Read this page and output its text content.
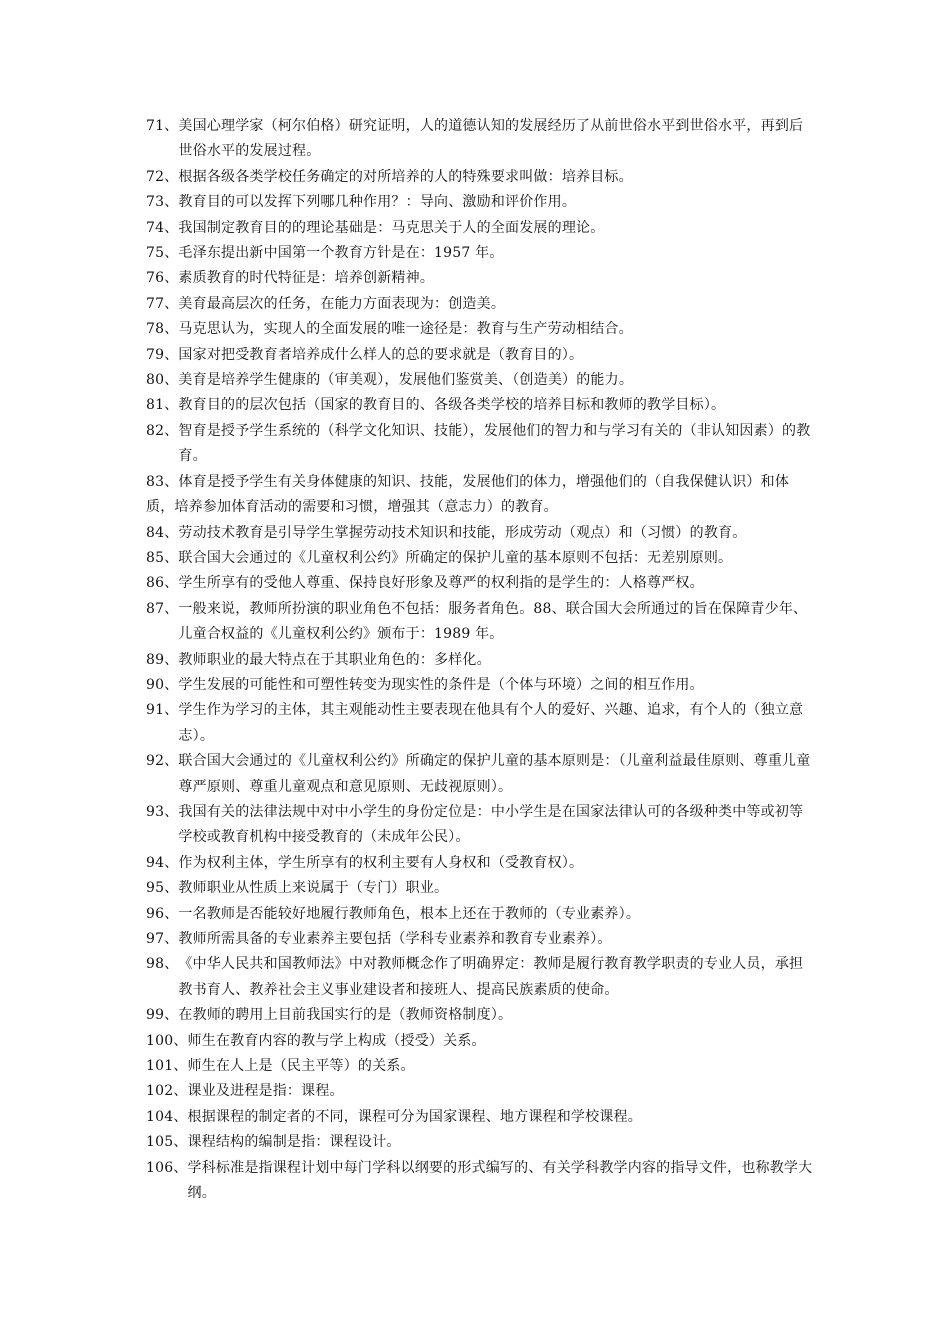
71、 美国心理学家（柯尔伯格）研究证明，人的道德认知的发展经历了从前世俗水平到世俗水平，再到后世俗水平的发展过程。
72、 根据各级各类学校任务确定的对所培养的人的特殊要求叫做：培养目标。
73、 教育目的可以发挥下列哪几种作用？：导向、激励和评价作用。
74、 我国制定教育目的的理论基础是：马克思关于人的全面发展的理论。
75、 毛泽东提出新中国第一个教育方针是在：1957 年。
76、 素质教育的时代特征是：培养创新精神。
77、 美育最高层次的任务，在能力方面表现为：创造美。
78、 马克思认为，实现人的全面发展的唯一途径是：教育与生产劳动相结合。
79、 国家对把受教育者培养成什么样人的总的要求就是（教育目的）。
80、 美育是培养学生健康的（审美观），发展他们鉴赏美、（创造美）的能力。
81、 教育目的的层次包括（国家的教育目的、各级各类学校的培养目标和教师的教学目标）。
82、 智育是授予学生系统的（科学文化知识、技能），发展他们的智力和与学习有关的（非认知因素）的教育。
83、体育是授予学生有关身体健康的知识、技能，发展他们的体力，增强他们的（自我保健认识）和体质，培养参加体育活动的需要和习惯，增强其（意志力）的教育。
84、 劳动技术教育是引导学生掌握劳动技术知识和技能，形成劳动（观点）和（习惯）的教育。
85、 联合国大会通过的《儿童权利公约》所确定的保护儿童的基本原则不包括：无差别原则。
86、 学生所享有的受他人尊重、保持良好形象及尊严的权利指的是学生的：人格尊严权。
87、 一般来说，教师所扮演的职业角色不包括：服务者角色。88、联合国大会所通过的旨在保障青少年、儿童合权益的《儿童权利公约》颁布于：1989 年。
89、 教师职业的最大特点在于其职业角色的：多样化。
90、 学生发展的可能性和可塑性转变为现实性的条件是（个体与环境）之间的相互作用。
91、 学生作为学习的主体，其主观能动性主要表现在他具有个人的爱好、兴趣、追求，有个人的（独立意志）。
92、 联合国大会通过的《儿童权利公约》所确定的保护儿童的基本原则是：（儿童利益最佳原则、尊重儿童尊严原则、尊重儿童观点和意见原则、无歧视原则）。
93、 我国有关的法律法规中对中小学生的身份定位是：中小学生是在国家法律认可的各级种类中等或初等学校或教育机构中接受教育的（未成年公民）。
94、 作为权利主体，学生所享有的权利主要有人身权和（受教育权）。
95、 教师职业从性质上来说属于（专门）职业。
96、 一名教师是否能较好地履行教师角色，根本上还在于教师的（专业素养）。
97、 教师所需具备的专业素养主要包括（学科专业素养和教育专业素养）。
98、 《中华人民共和国教师法》中对教师概念作了明确界定：教师是履行教育教学职责的专业人员，承担教书育人、教养社会主义事业建设者和接班人、提高民族素质的使命。
99、 在教师的聘用上目前我国实行的是（教师资格制度）。
100、 师生在教育内容的教与学上构成（授受）关系。
101、 师生在人上是（民主平等）的关系。
102、 课业及进程是指：课程。
104、 根据课程的制定者的不同，课程可分为国家课程、地方课程和学校课程。
105、 课程结构的编制是指：课程设计。
106、 学科标准是指课程计划中每门学科以纲要的形式编写的、有关学科教学内容的指导文件，也称教学大纲。
